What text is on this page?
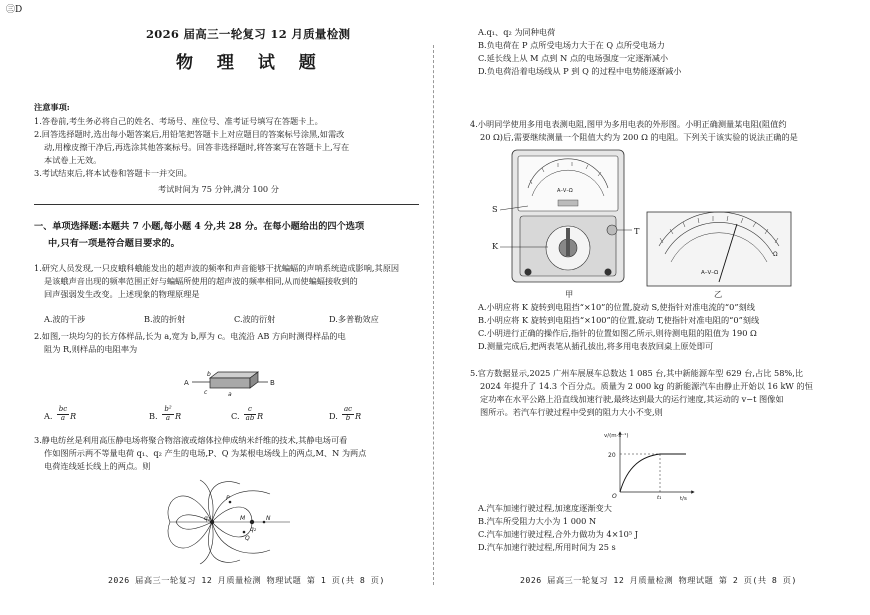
㊂D
2026 届高三一轮复习 12 月质量检测
物 理 试 题
注意事项:
1.答卷前,考生务必将自己的姓名、考场号、座位号、准考证号填写在答题卡上。
2.回答选择题时,选出每小题答案后,用铅笔把答题卡上对应题目的答案标号涂黑,如需改
动,用橡皮擦干净后,再选涂其他答案标号。回答非选择题时,将答案写在答题卡上,写在
本试卷上无效。
3.考试结束后,将本试卷和答题卡一并交回。
考试时间为 75 分钟,满分 100 分
一、单项选择题:本题共 7 小题,每小题 4 分,共 28 分。在每小题给出的四个选项
中,只有一项是符合题目要求的。
1.研究人员发现,一只皮蛾科蛾能发出的超声波的频率和声音能够干扰蝙蝠的声呐系统造成影响,其原因
是该蛾声音出现的频率范围正好与蝙蝠所使用的超声波的频率相同,从而使蝙蝠接收到的
回声强弱发生改变。上述现象的物理原理是
A.波的干涉	B.波的折射	C.波的衍射	D.多普勒效应
2.如图,一块均匀的长方体样品,长为 a,宽为 b,厚为 c。电流沿 AB 方向时测得样品的电
阻为 R,则样品的电阻率为
A	B
b
c	a
A.
bc
a R	B.
b²
a R	C.
c
ab R	D.
ac
b R
3.静电纺丝是利用高压静电场将聚合物溶液或熔体拉伸成纳米纤维的技术,其静电场可看
作如图所示两不等量电荷 q₁、q₂ 产生的电场,P、Q 为某根电场线上的两点,M、N 为两点
电荷连线延长线上的两点。则
q₁
q₂
P
Q
M	N
2026 届高三一轮复习 12 月质量检测 物理试题 第 1 页(共 8 页)
A.q₁、q₂ 为同种电荷
B.负电荷在 P 点所受电场力大于在 Q 点所受电场力
C.延长线上从 M 点到 N 点的电场强度一定逐渐减小
D.负电荷沿着电场线从 P 到 Q 的过程中电势能逐渐减小
4.小明同学使用多用电表测电阻,图甲为多用电表的外形图。小明正确测量某电阻(阻值约
20 Ω)后,需要继续测量一个阻值大约为 200 Ω 的电阻。下列关于该实验的说法正确的是
A–V–Ω
S
K
T
甲
A–V–Ω
Ω
乙
A.小明应将 K 旋转到电阻挡“×10”的位置,旋动 S,使指针对准电流的“0”刻线
B.小明应将 K 旋转到电阻挡“×100”的位置,旋动 T,使指针对准电阻的“0”刻线
C.小明进行正确的操作后,指针的位置如图乙所示,则待测电阻的阻值为 190 Ω
D.测量完成后,把两表笔从插孔拔出,将多用电表放回桌上原处即可
5.官方数据显示,2025 广州车展展车总数达 1 085 台,其中新能源车型 629 台,占比 58%,比
2024 年提升了 14.3 个百分点。质量为 2 000 kg 的新能源汽车由静止开始以 16 kW 的恒
定功率在水平公路上沿直线加速行驶,最终达到最大的运行速度,其运动的 v−t 图像如
图所示。若汽车行驶过程中受到的阻力大小不变,则
v/(m·s⁻¹)
t/s
O
20
t₁
A.汽车加速行驶过程,加速度逐渐变大
B.汽车所受阻力大小为 1 000 N
C.汽车加速行驶过程,合外力做功为 4×10⁵ J
D.汽车加速行驶过程,所用时间为 25 s
2026 届高三一轮复习 12 月质量检测 物理试题 第 2 页(共 8 页)
